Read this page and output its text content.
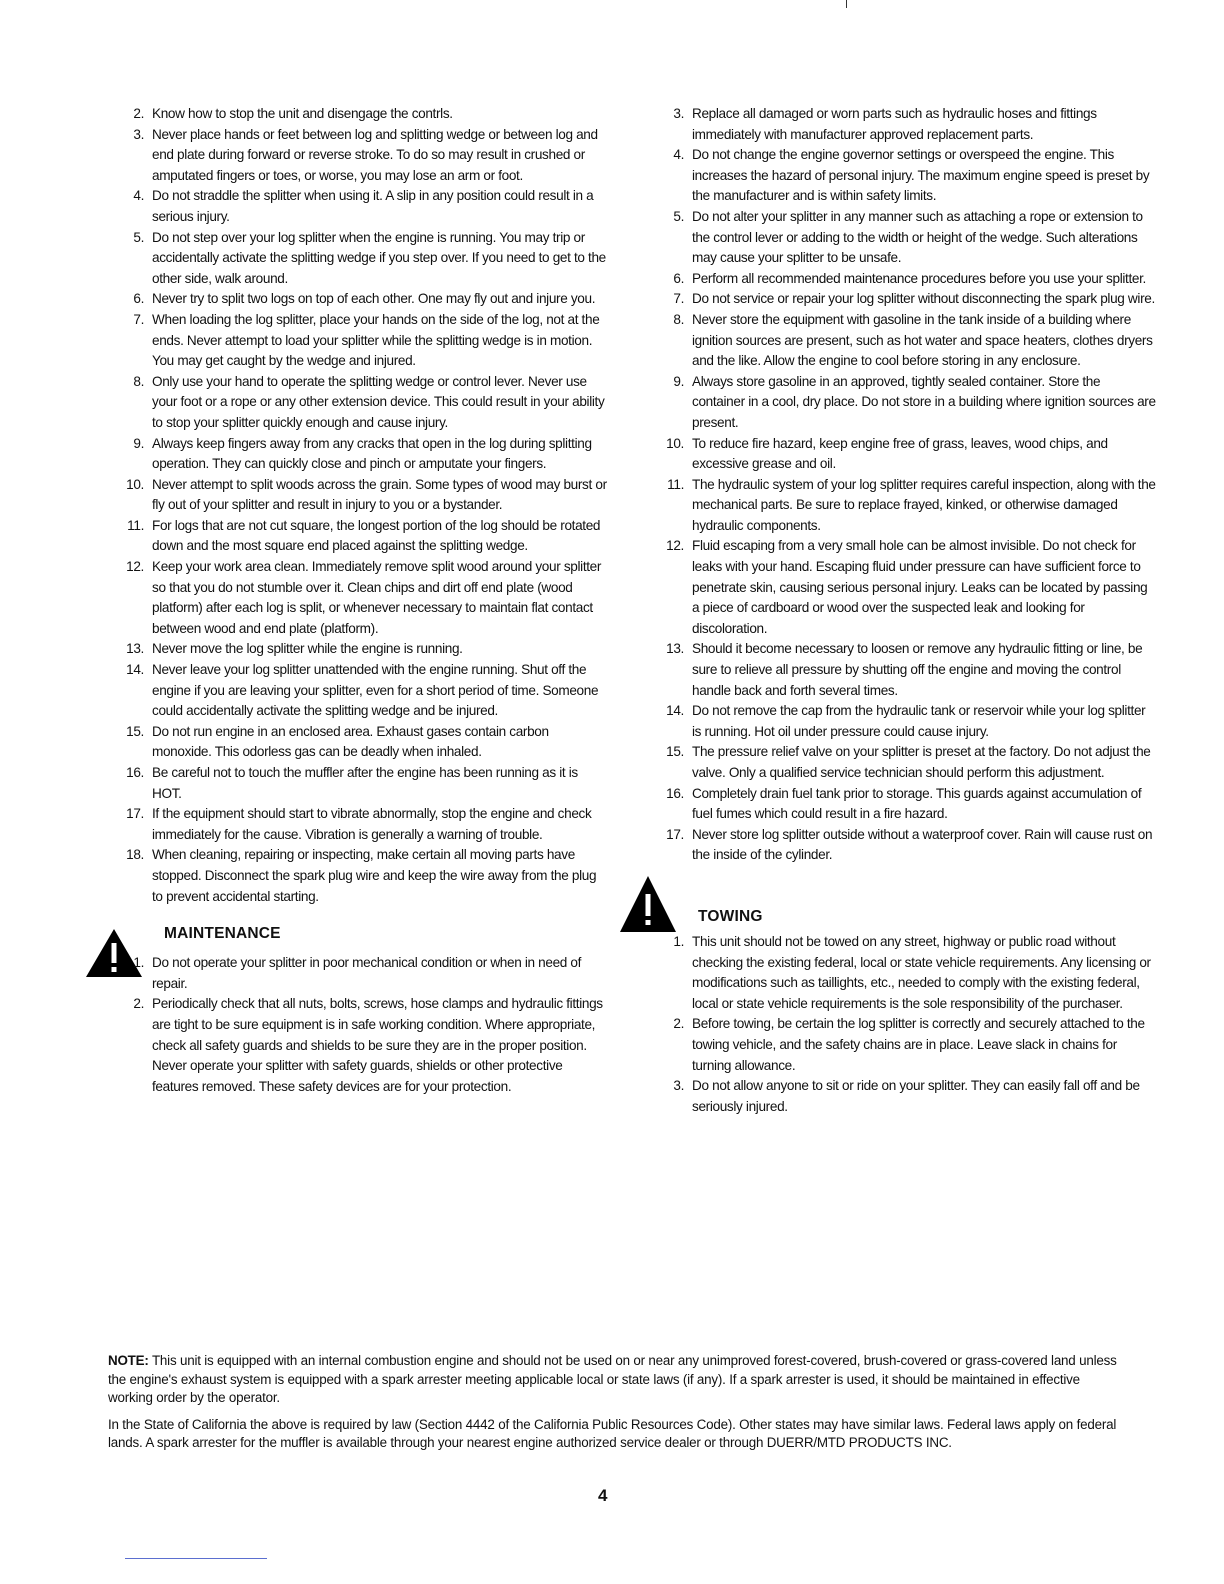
2. Know how to stop the unit and disengage the contrls.
3. Never place hands or feet between log and splitting wedge or between log and end plate during forward or reverse stroke. To do so may result in crushed or amputated fingers or toes, or worse, you may lose an arm or foot.
4. Do not straddle the splitter when using it. A slip in any position could result in a serious injury.
5. Do not step over your log splitter when the engine is running. You may trip or accidentally activate the splitting wedge if you step over. If you need to get to the other side, walk around.
6. Never try to split two logs on top of each other. One may fly out and injure you.
7. When loading the log splitter, place your hands on the side of the log, not at the ends. Never attempt to load your splitter while the splitting wedge is in motion. You may get caught by the wedge and injured.
8. Only use your hand to operate the splitting wedge or control lever. Never use your foot or a rope or any other extension device. This could result in your ability to stop your splitter quickly enough and cause injury.
9. Always keep fingers away from any cracks that open in the log during splitting operation. They can quickly close and pinch or amputate your fingers.
10. Never attempt to split woods across the grain. Some types of wood may burst or fly out of your splitter and result in injury to you or a bystander.
11. For logs that are not cut square, the longest portion of the log should be rotated down and the most square end placed against the splitting wedge.
12. Keep your work area clean. Immediately remove split wood around your splitter so that you do not stumble over it. Clean chips and dirt off end plate (wood platform) after each log is split, or whenever necessary to maintain flat contact between wood and end plate (platform).
13. Never move the log splitter while the engine is running.
14. Never leave your log splitter unattended with the engine running. Shut off the engine if you are leaving your splitter, even for a short period of time. Someone could accidentally activate the splitting wedge and be injured.
15. Do not run engine in an enclosed area. Exhaust gases contain carbon monoxide. This odorless gas can be deadly when inhaled.
16. Be careful not to touch the muffler after the engine has been running as it is HOT.
17. If the equipment should start to vibrate abnormally, stop the engine and check immediately for the cause. Vibration is generally a warning of trouble.
18. When cleaning, repairing or inspecting, make certain all moving parts have stopped. Disconnect the spark plug wire and keep the wire away from the plug to prevent accidental starting.
MAINTENANCE
1. Do not operate your splitter in poor mechanical condition or when in need of repair.
2. Periodically check that all nuts, bolts, screws, hose clamps and hydraulic fittings are tight to be sure equipment is in safe working condition. Where appropriate, check all safety guards and shields to be sure they are in the proper position. Never operate your splitter with safety guards, shields or other protective features removed. These safety devices are for your protection.
3. Replace all damaged or worn parts such as hydraulic hoses and fittings immediately with manufacturer approved replacement parts.
4. Do not change the engine governor settings or overspeed the engine. This increases the hazard of personal injury. The maximum engine speed is preset by the manufacturer and is within safety limits.
5. Do not alter your splitter in any manner such as attaching a rope or extension to the control lever or adding to the width or height of the wedge. Such alterations may cause your splitter to be unsafe.
6. Perform all recommended maintenance procedures before you use your splitter.
7. Do not service or repair your log splitter without disconnecting the spark plug wire.
8. Never store the equipment with gasoline in the tank inside of a building where ignition sources are present, such as hot water and space heaters, clothes dryers and the like. Allow the engine to cool before storing in any enclosure.
9. Always store gasoline in an approved, tightly sealed container. Store the container in a cool, dry place. Do not store in a building where ignition sources are present.
10. To reduce fire hazard, keep engine free of grass, leaves, wood chips, and excessive grease and oil.
11. The hydraulic system of your log splitter requires careful inspection, along with the mechanical parts. Be sure to replace frayed, kinked, or otherwise damaged hydraulic components.
12. Fluid escaping from a very small hole can be almost invisible. Do not check for leaks with your hand. Escaping fluid under pressure can have sufficient force to penetrate skin, causing serious personal injury. Leaks can be located by passing a piece of cardboard or wood over the suspected leak and looking for discoloration.
13. Should it become necessary to loosen or remove any hydraulic fitting or line, be sure to relieve all pressure by shutting off the engine and moving the control handle back and forth several times.
14. Do not remove the cap from the hydraulic tank or reservoir while your log splitter is running. Hot oil under pressure could cause injury.
15. The pressure relief valve on your splitter is preset at the factory. Do not adjust the valve. Only a qualified service technician should perform this adjustment.
16. Completely drain fuel tank prior to storage. This guards against accumulation of fuel fumes which could result in a fire hazard.
17. Never store log splitter outside without a waterproof cover. Rain will cause rust on the inside of the cylinder.
TOWING
1. This unit should not be towed on any street, highway or public road without checking the existing federal, local or state vehicle requirements. Any licensing or modifications such as taillights, etc., needed to comply with the existing federal, local or state vehicle requirements is the sole responsibility of the purchaser.
2. Before towing, be certain the log splitter is correctly and securely attached to the towing vehicle, and the safety chains are in place. Leave slack in chains for turning allowance.
3. Do not allow anyone to sit or ride on your splitter. They can easily fall off and be seriously injured.

NOTE: This unit is equipped with an internal combustion engine and should not be used on or near any unimproved forest-covered, brush-covered or grass-covered land unless the engine's exhaust system is equipped with a spark arrester meeting applicable local or state laws (if any). If a spark arrester is used, it should be maintained in effective working order by the operator.

In the State of California the above is required by law (Section 4442 of the California Public Resources Code). Other states may have similar laws. Federal laws apply on federal lands. A spark arrester for the muffler is available through your nearest engine authorized service dealer or through DUERR/MTD PRODUCTS INC.

4
